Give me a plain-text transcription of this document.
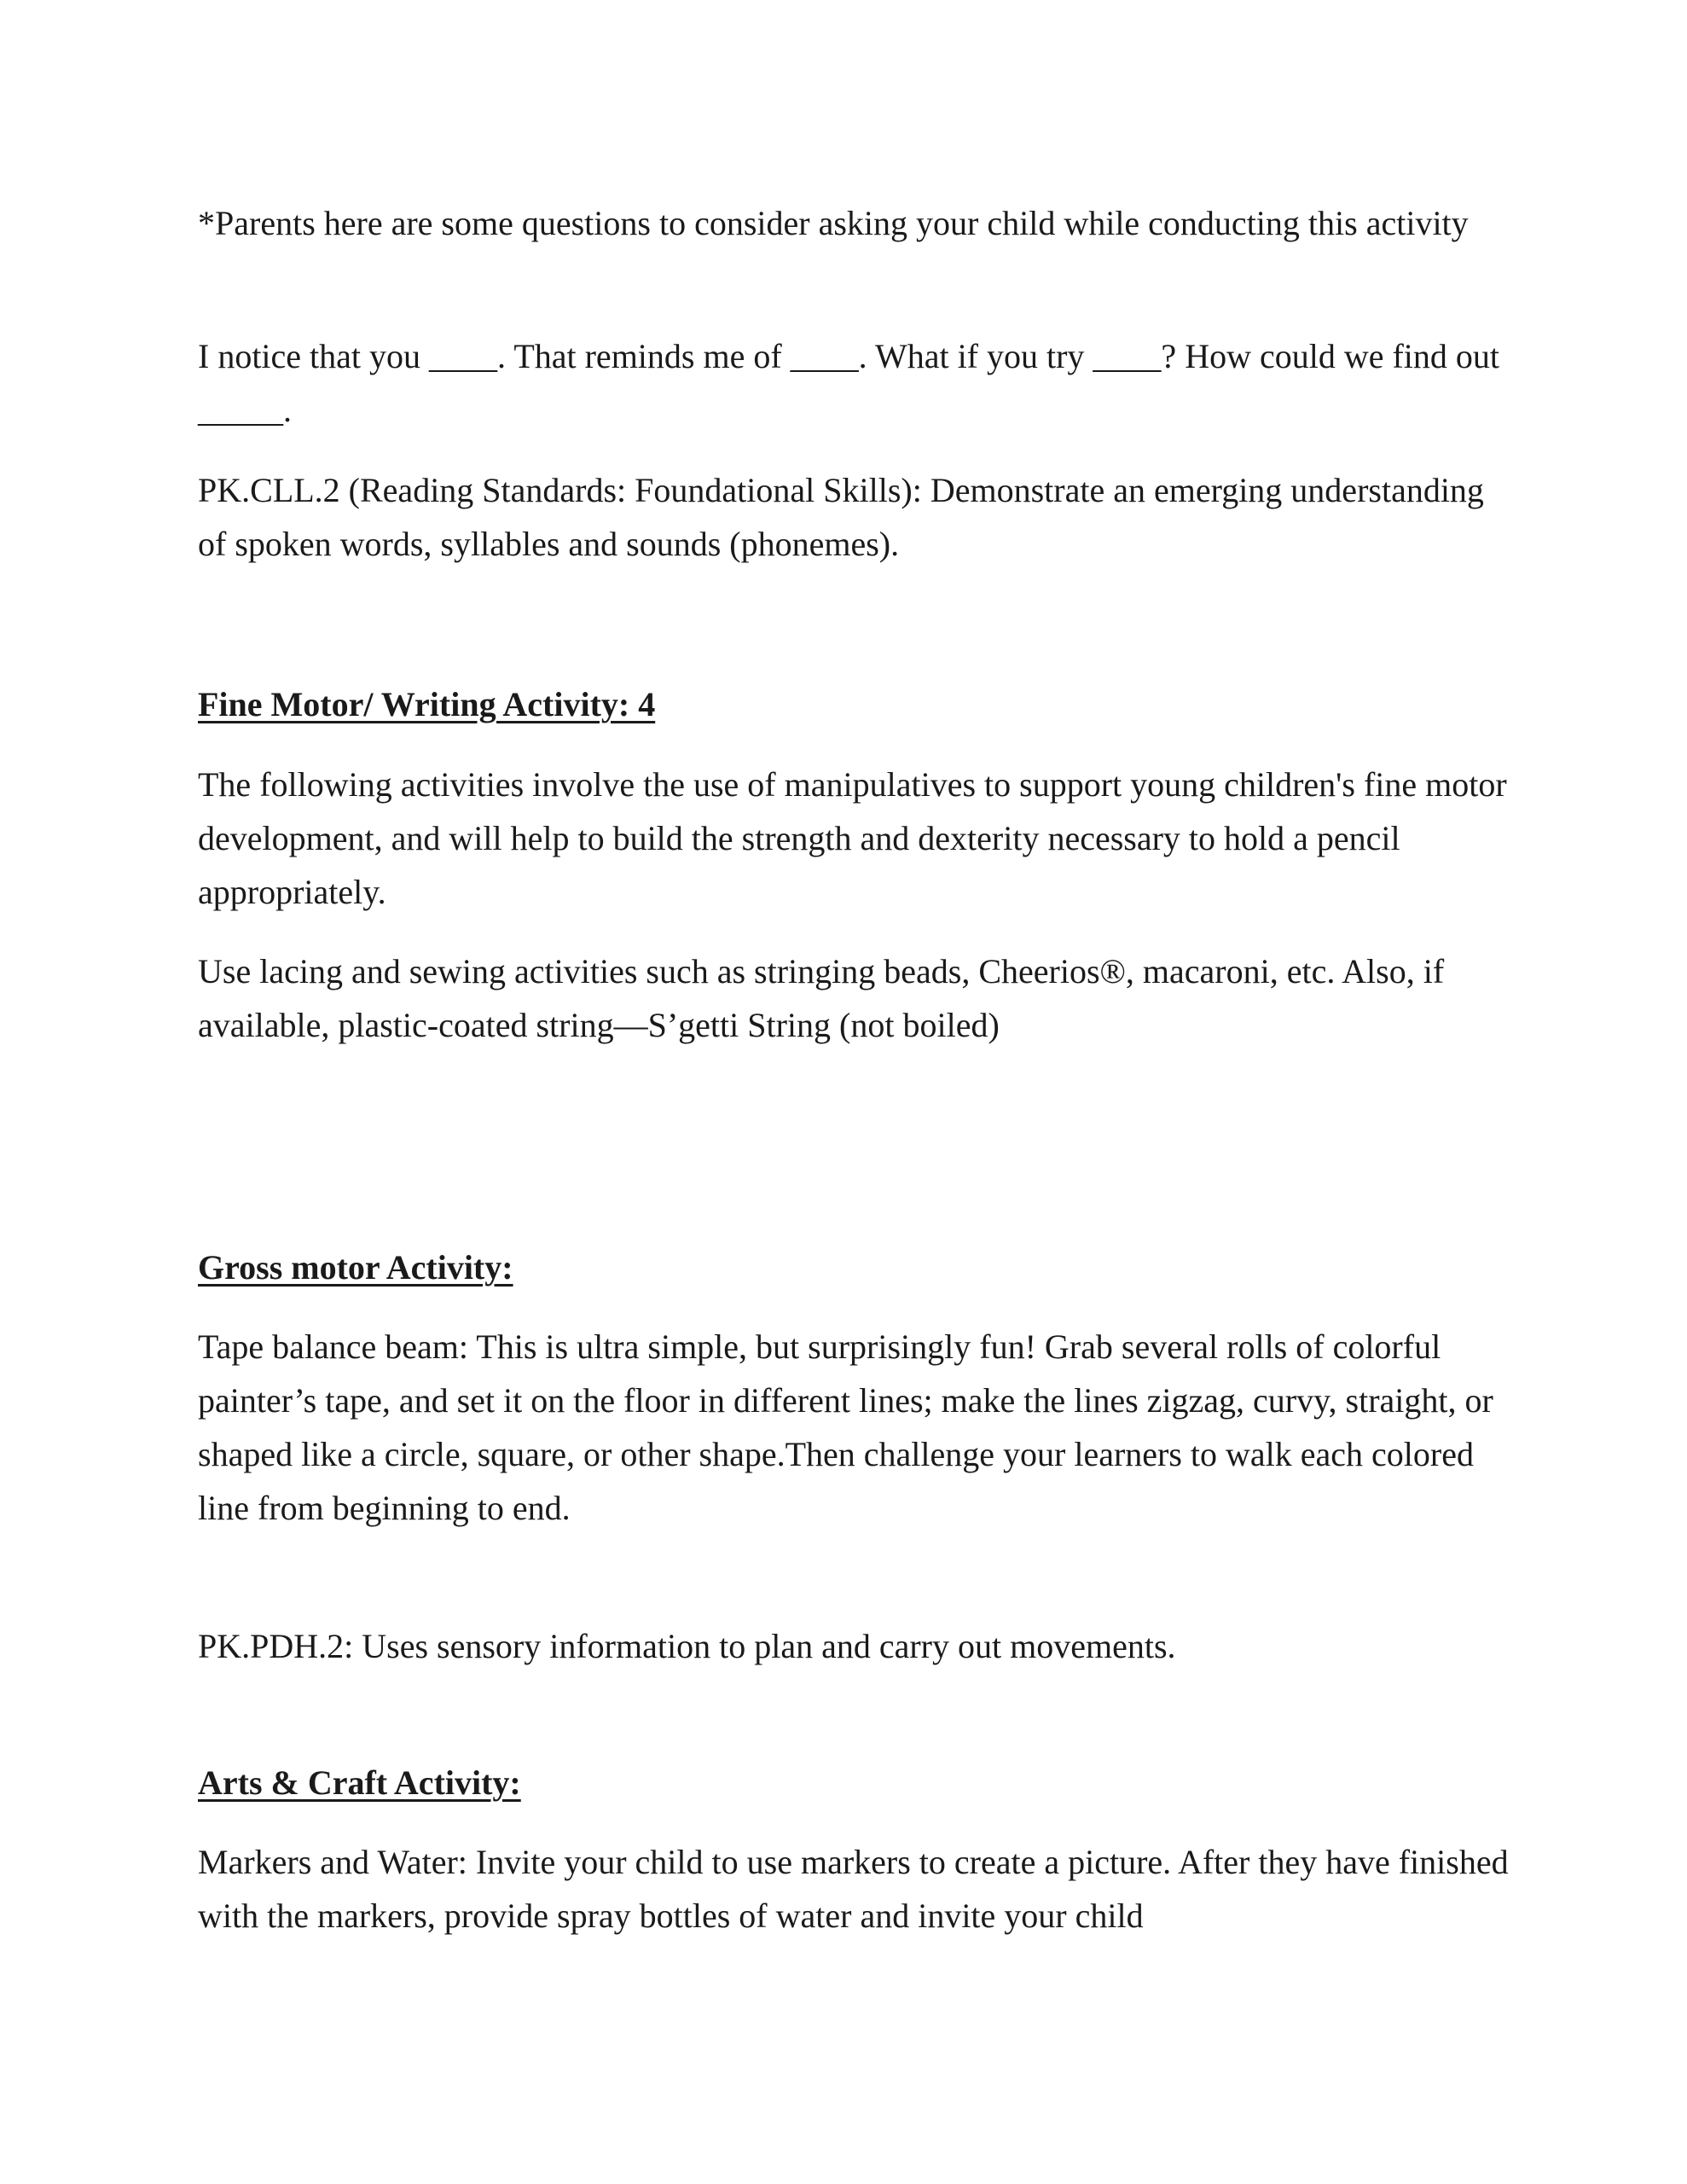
*Parents here are some questions to consider asking your child while conducting this activity

I notice that you ____. That reminds me of ____. What if you try ____? How could we find out _____.

PK.CLL.2 (Reading Standards: Foundational Skills): Demonstrate an emerging understanding of spoken words, syllables and sounds (phonemes).

Fine Motor/ Writing Activity: 4

The following activities involve the use of manipulatives to support young children's fine motor development, and will help to build the strength and dexterity necessary to hold a pencil appropriately.

Use lacing and sewing activities such as stringing beads, Cheerios®, macaroni, etc. Also, if available, plastic-coated string—S’getti String (not boiled)

Gross motor Activity:

Tape balance beam: This is ultra simple, but surprisingly fun! Grab several rolls of colorful painter’s tape, and set it on the floor in different lines; make the lines zigzag, curvy, straight, or shaped like a circle, square, or other shape.Then challenge your learners to walk each colored line from beginning to end.

PK.PDH.2: Uses sensory information to plan and carry out movements.

Arts & Craft Activity:

Markers and Water: Invite your child to use markers to create a picture. After they have finished with the markers, provide spray bottles of water and invite your child
